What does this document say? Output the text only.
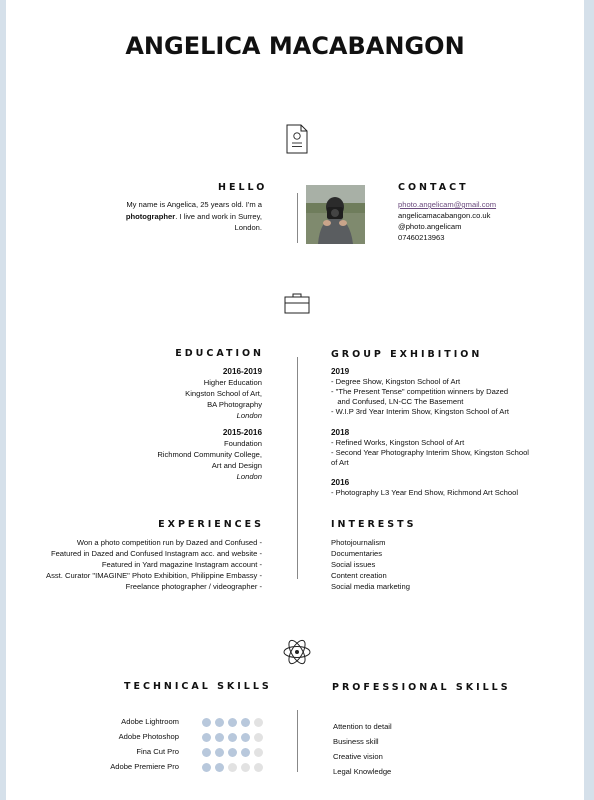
ANGELICA MACABANGON
HELLO
My name is Angelica, 25 years old. I'm a
photographer. I live and work in Surrey,
London.
CONTACT
photo.angelicam@gmail.com
angelicamacabangon.co.uk
@photo.angelicam
07460213963
EDUCATION
2016-2019
Higher Education
Kingston School of Art,
BA Photography
London
2015-2016
Foundation
Richmond Community College,
Art and Design
London
GROUP EXHIBITION
2019
- Degree Show, Kingston School of Art
- "The Present Tense" competition winners by Dazed
and Confused, LN-CC The Basement
- W.I.P 3rd Year Interim Show, Kingston School of Art
2018
- Refined Works, Kingston School of Art
- Second Year Photography Interim Show, Kingston School
of Art
2016
- Photography L3 Year End Show, Richmond Art School
EXPERIENCES
Won a photo competition run by Dazed and Confused -
Featured in Dazed and Confused Instagram acc. and website -
Featured in Yard magazine Instagram account -
Asst. Curator "IMAGINE" Photo Exhibition, Philippine Embassy -
Freelance photographer / videographer -
INTERESTS
Photojournalism
Documentaries
Social issues
Content creation
Social media marketing
TECHNICAL SKILLS
Adobe Lightroom
Adobe Photoshop
Fina Cut Pro
Adobe Premiere Pro
PROFESSIONAL SKILLS
Attention to detail
Business skill
Creative vision
Legal Knowledge
